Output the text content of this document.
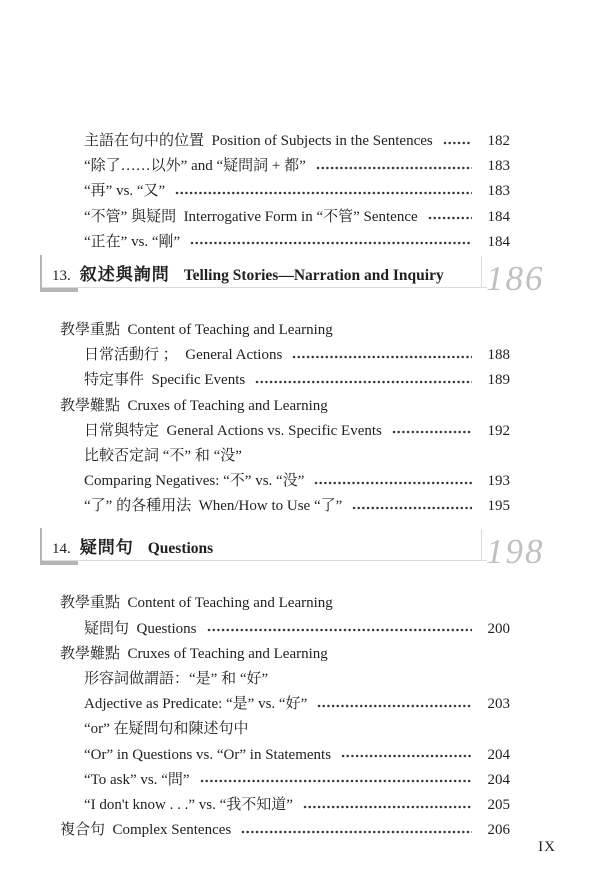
主語在句中的位置  Position of Subjects in the Sentences	182
“除了……以外” and “疑問詞 + 都”	183
“再” vs. “又”	183
“不管” 與疑問  Interrogative Form in “不管” Sentence	184
“正在” vs. “剛”	184
13. 叙述與詢問 Telling Stories—Narration and Inquiry 186
教學重點  Content of Teaching and Learning
日常活動行 ；  General Actions	188
特定事件  Specific Events	189
教學難點  Cruxes of Teaching and Learning
日常與特定  General Actions vs. Specific Events	192
比較否定詞 “不” 和 “没”
Comparing Negatives: “不” vs. “没”	193
“了” 的各種用法  When/How to Use “了”	195
14. 疑問句 Questions	198
教學重點  Content of Teaching and Learning
疑問句  Questions	200
教學難點  Cruxes of Teaching and Learning
形容詞做謂語：“是” 和 “好”
Adjective as Predicate: “是” vs. “好”	203
“or” 在疑問句和陳述句中
“Or” in Questions vs. “Or” in Statements	204
“To ask” vs. “問”	204
“I don't know . . .” vs. “我不知道”	205
複合句  Complex Sentences	206
IX
